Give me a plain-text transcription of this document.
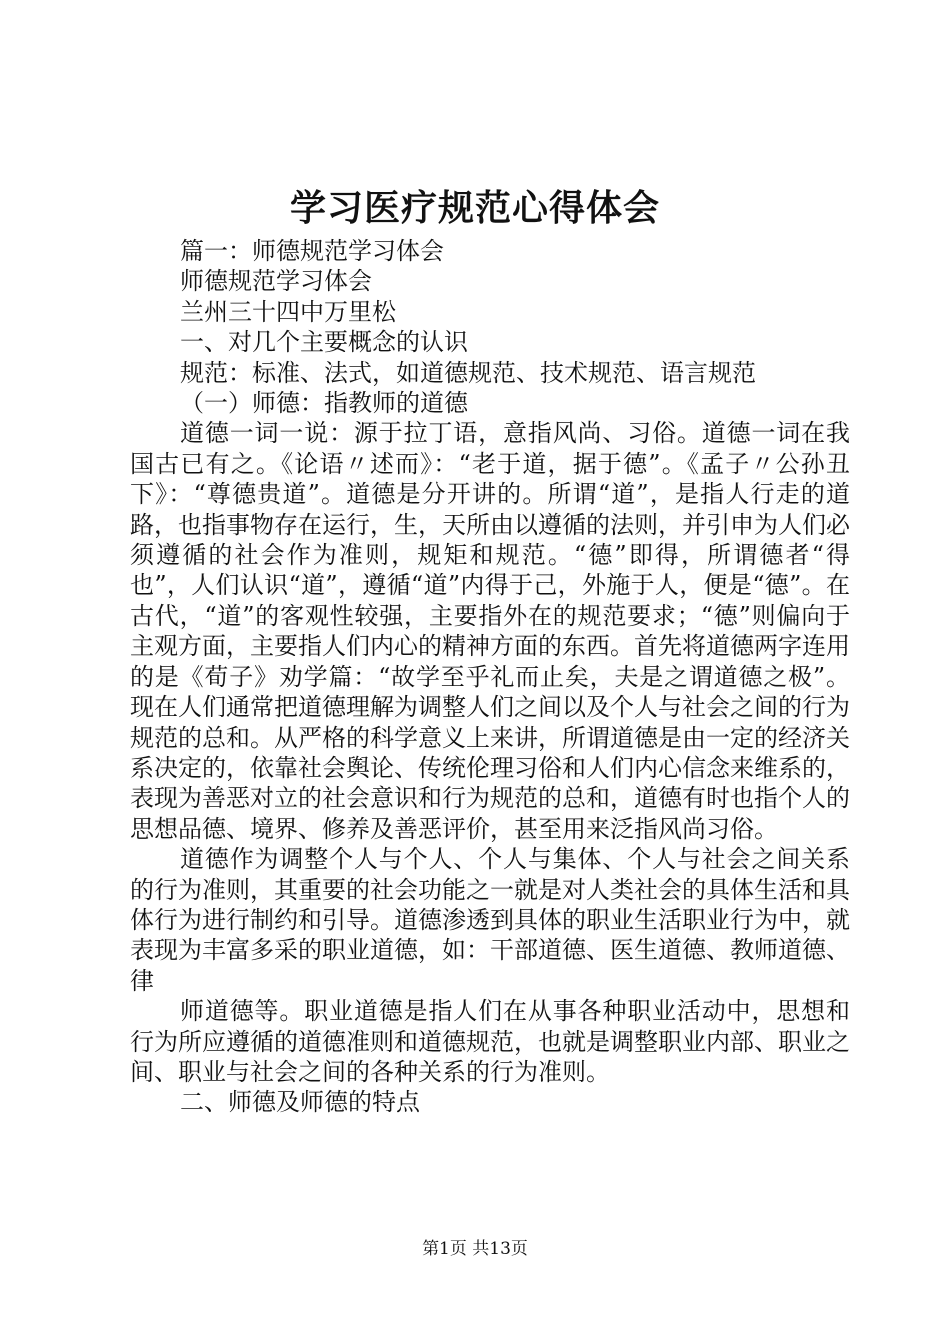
学习医疗规范心得体会

篇一：师德规范学习体会

师德规范学习体会

兰州三十四中万里松

一、对几个主要概念的认识

规范：标准、法式，如道德规范、技术规范、语言规范

（一）师德：指教师的道德

道德一词一说：源于拉丁语，意指风尚、习俗。道德一词在我国古已有之。《论语〃述而》：“老于道，据于德”。《孟子〃公孙丑下》：“尊德贵道”。道德是分开讲的。所谓“道”，是指人行走的道路，也指事物存在运行，生，天所由以遵循的法则，并引申为人们必须遵循的社会作为准则，规矩和规范。“德”即得，所谓德者“得也”，人们认识“道”，遵循“道”内得于己，外施于人，便是“德”。在古代，“道”的客观性较强，主要指外在的规范要求；“德”则偏向于主观方面，主要指人们内心的精神方面的东西。首先将道德两字连用的是《荀子》劝学篇：“故学至乎礼而止矣，夫是之谓道德之极”。现在人们通常把道德理解为调整人们之间以及个人与社会之间的行为规范的总和。从严格的科学意义上来讲，所谓道德是由一定的经济关系决定的，依靠社会舆论、传统伦理习俗和人们内心信念来维系的，表现为善恶对立的社会意识和行为规范的总和，道德有时也指个人的思想品德、境界、修养及善恶评价，甚至用来泛指风尚习俗。

道德作为调整个人与个人、个人与集体、个人与社会之间关系的行为准则，其重要的社会功能之一就是对人类社会的具体生活和具体行为进行制约和引导。道德渗透到具体的职业生活职业行为中，就表现为丰富多采的职业道德，如：干部道德、医生道德、教师道德、律

师道德等。职业道德是指人们在从事各种职业活动中，思想和行为所应遵循的道德准则和道德规范，也就是调整职业内部、职业之间、职业与社会之间的各种关系的行为准则。

二、师德及师德的特点

第1页 共13页
